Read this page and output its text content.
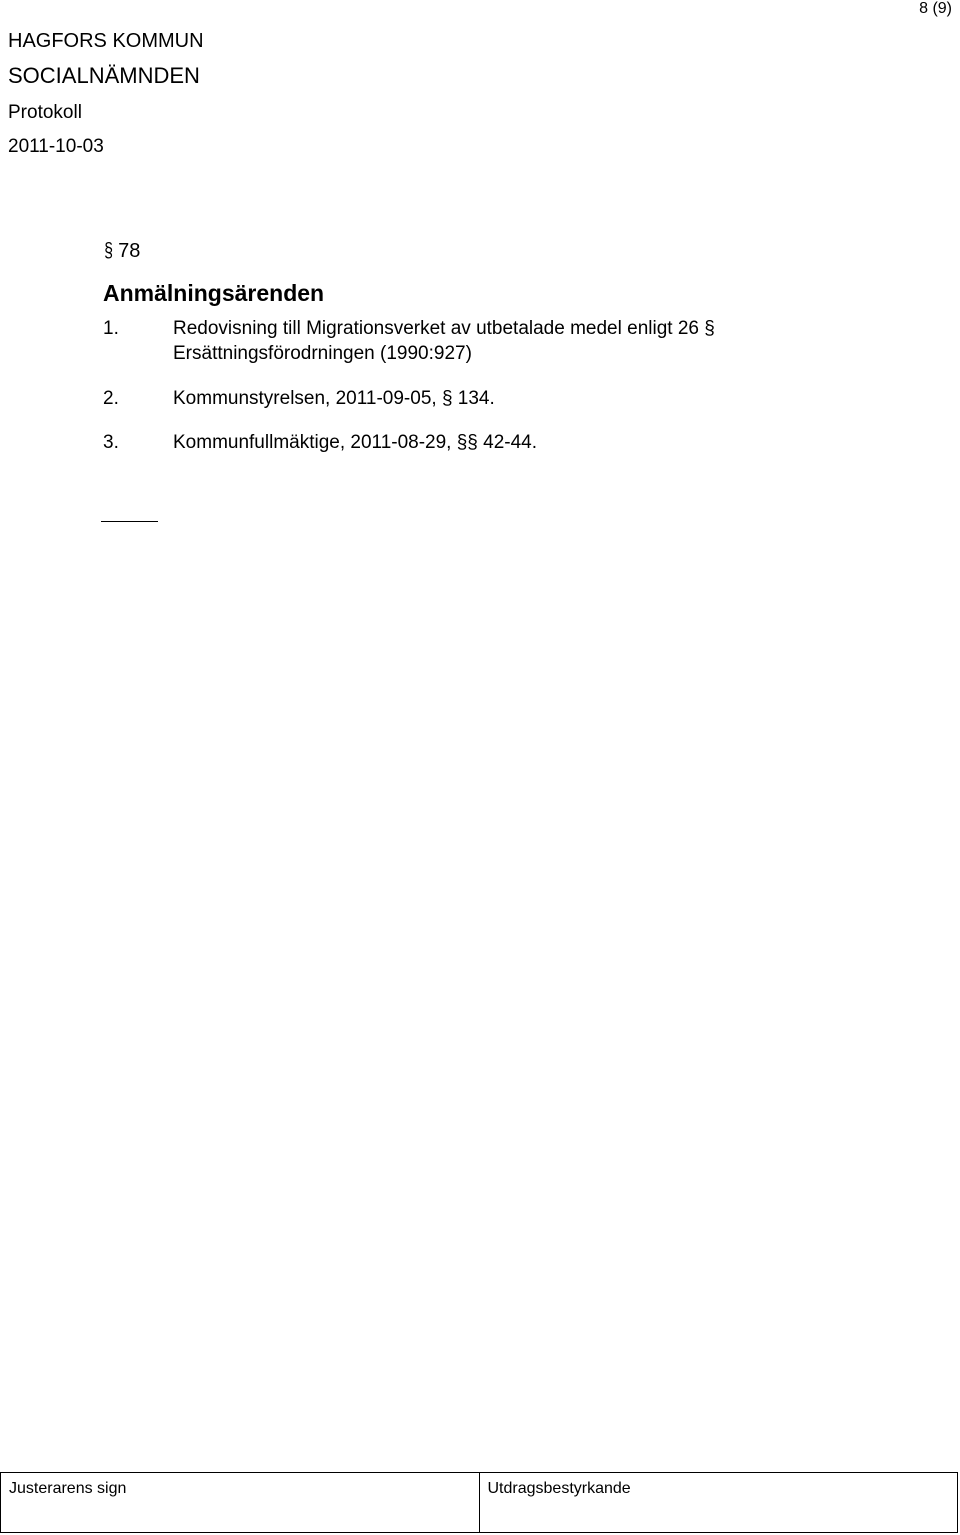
8 (9)
HAGFORS KOMMUN
SOCIALNÄMNDEN
Protokoll
2011-10-03
§ 78
Anmälningsärenden
1.	Redovisning till Migrationsverket av utbetalade medel enligt 26 §
Ersättningsförodrningen (1990:927)
2.	Kommunstyrelsen, 2011-09-05, § 134.
3.	Kommunfullmäktige, 2011-08-29, §§ 42-44.
Justerarens sign	Utdragsbestyrkande
